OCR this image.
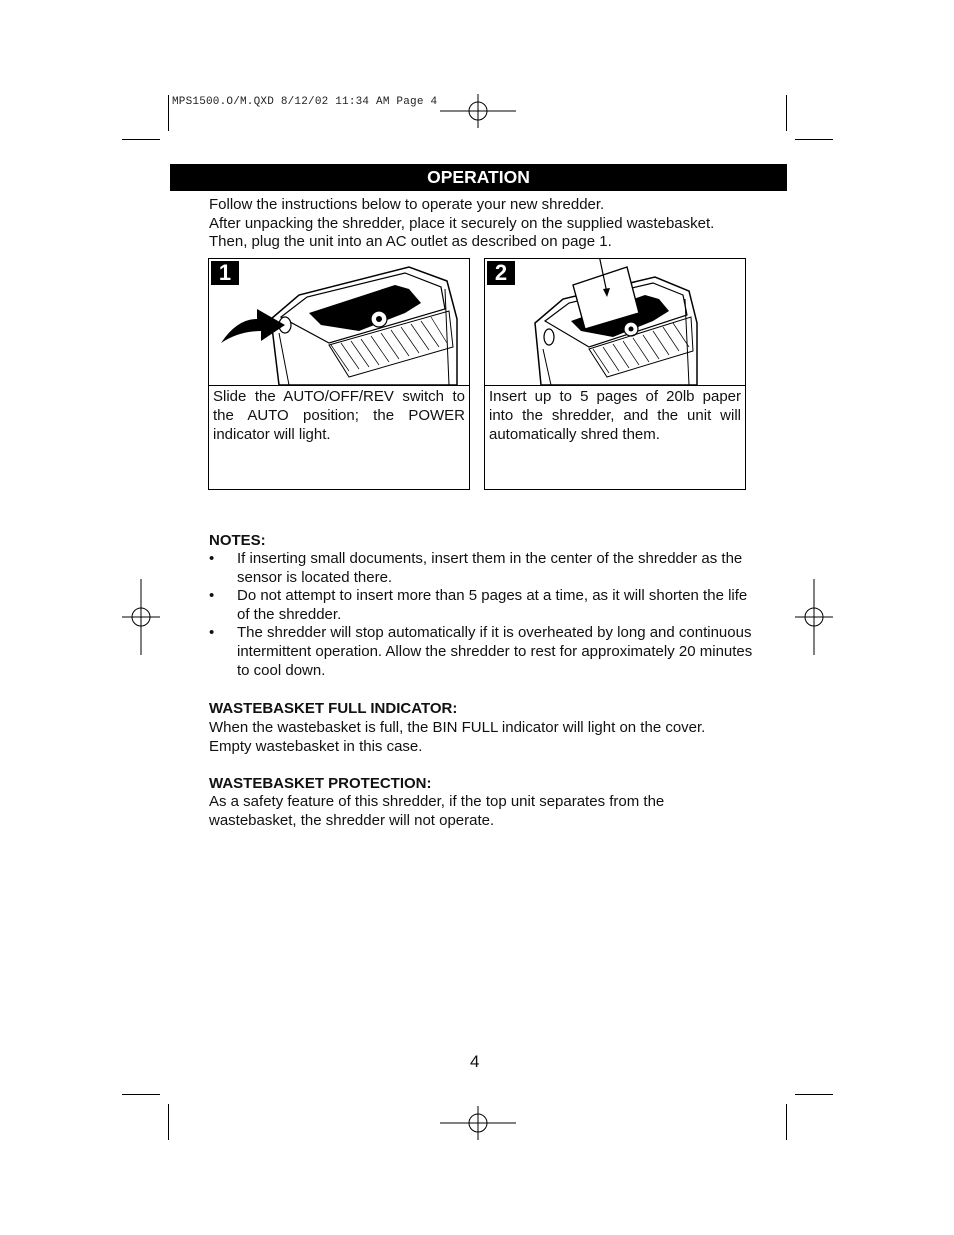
MPS1500.O/M.QXD 8/12/02 11:34 AM Page 4
OPERATION
Follow the instructions below to operate your new shredder.
After unpacking the shredder, place it securely on the supplied wastebasket.
Then, plug the unit into an AC outlet as described on page 1.
1
Slide the AUTO/OFF/REV switch to the AUTO position; the POWER indicator will light.
2
Insert up to 5 pages of 20lb paper into the shredder, and the unit will automatically shred them.
NOTES:
• If inserting small documents, insert them in the center of the shredder as the sensor is located there.
• Do not attempt to insert more than 5 pages at a time, as it will shorten the life of the shredder.
• The shredder will stop automatically if it is overheated by long and continuous intermittent operation. Allow the shredder to rest for approximately 20 minutes to cool down.
WASTEBASKET FULL INDICATOR:
When the wastebasket is full, the BIN FULL indicator will light on the cover.
Empty wastebasket in this case.
WASTEBASKET PROTECTION:
As a safety feature of this shredder, if the top unit separates from the
wastebasket, the shredder will not operate.
4
